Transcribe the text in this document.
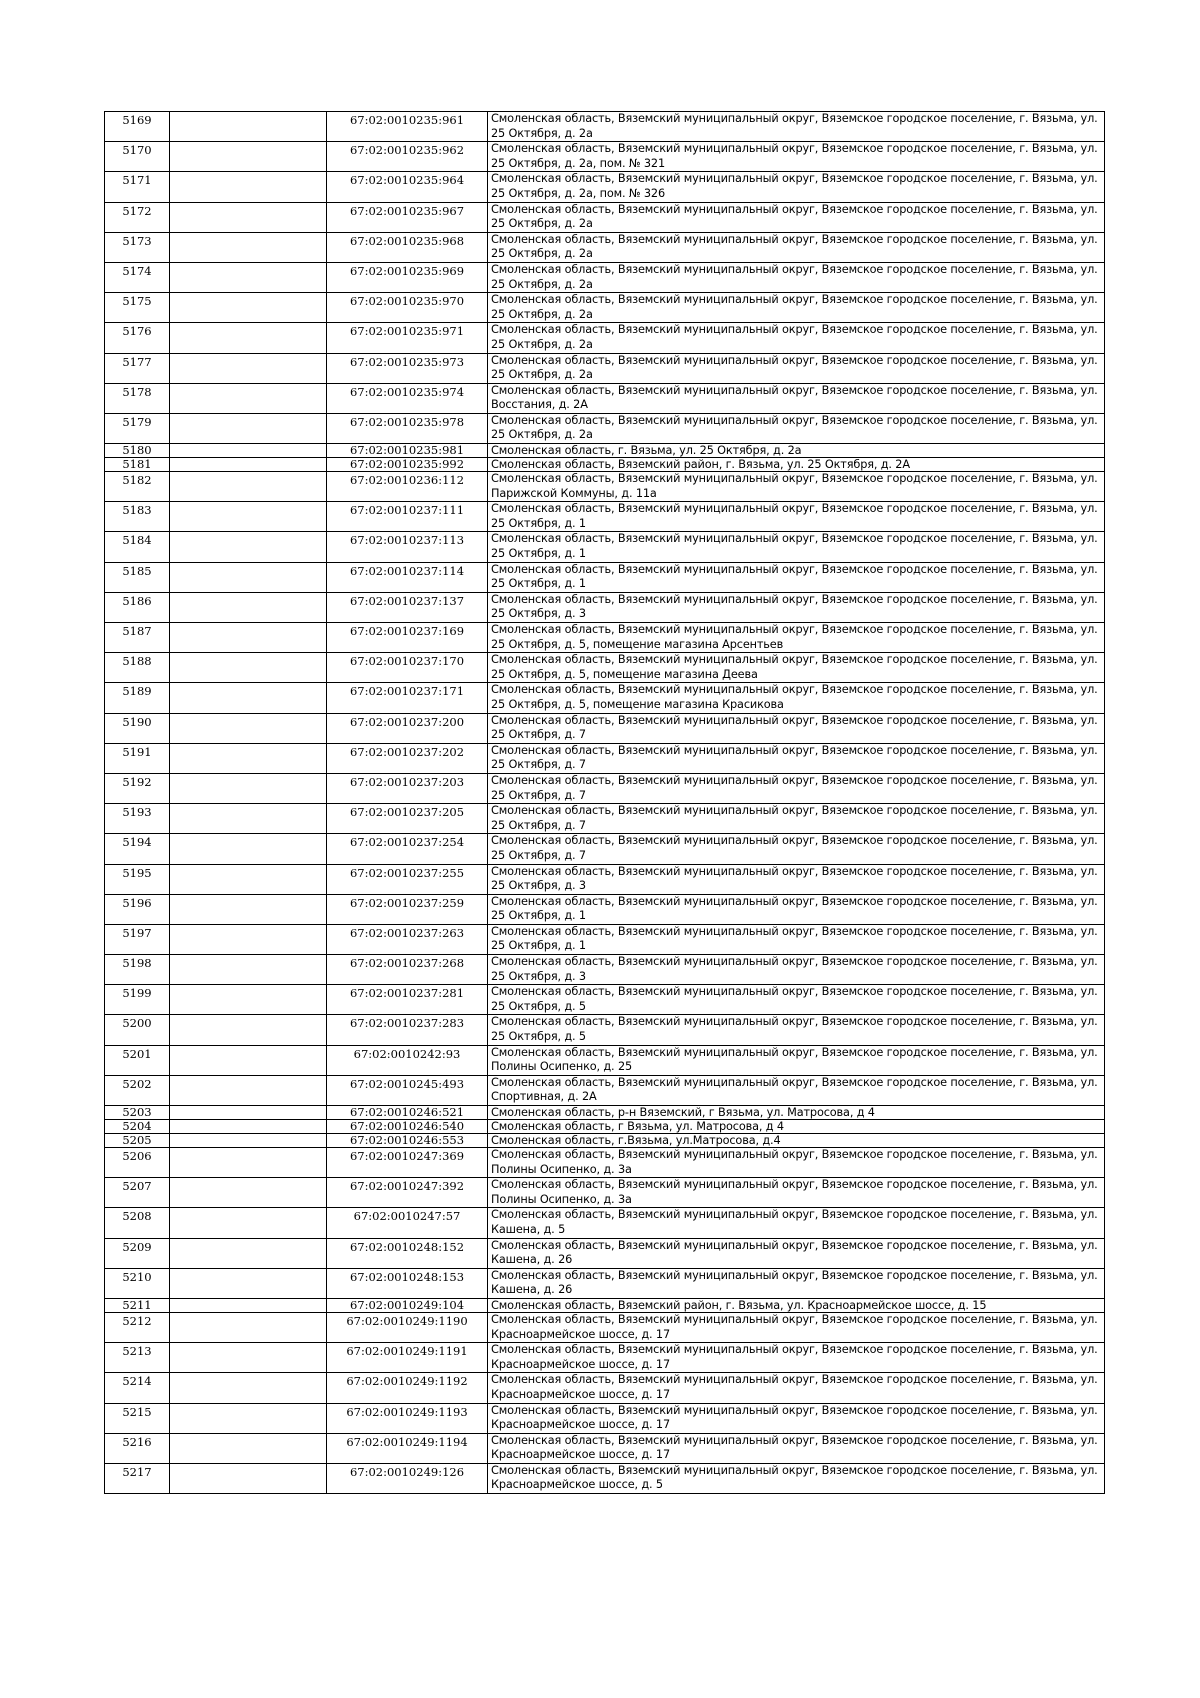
5169		67:02:0010235:961	Смоленская область, Вяземский муниципальный округ, Вяземское городское поселение, г. Вязьма, ул. 25 Октября, д. 2а
5170		67:02:0010235:962	Смоленская область, Вяземский муниципальный округ, Вяземское городское поселение, г. Вязьма, ул. 25 Октября, д. 2а, пом. № 321
5171		67:02:0010235:964	Смоленская область, Вяземский муниципальный округ, Вяземское городское поселение, г. Вязьма, ул. 25 Октября, д. 2а, пом. № 326
5172		67:02:0010235:967	Смоленская область, Вяземский муниципальный округ, Вяземское городское поселение, г. Вязьма, ул. 25 Октября, д. 2а
5173		67:02:0010235:968	Смоленская область, Вяземский муниципальный округ, Вяземское городское поселение, г. Вязьма, ул. 25 Октября, д. 2а
5174		67:02:0010235:969	Смоленская область, Вяземский муниципальный округ, Вяземское городское поселение, г. Вязьма, ул. 25 Октября, д. 2а
5175		67:02:0010235:970	Смоленская область, Вяземский муниципальный округ, Вяземское городское поселение, г. Вязьма, ул. 25 Октября, д. 2а
5176		67:02:0010235:971	Смоленская область, Вяземский муниципальный округ, Вяземское городское поселение, г. Вязьма, ул. 25 Октября, д. 2а
5177		67:02:0010235:973	Смоленская область, Вяземский муниципальный округ, Вяземское городское поселение, г. Вязьма, ул. 25 Октября, д. 2а
5178		67:02:0010235:974	Смоленская область, Вяземский муниципальный округ, Вяземское городское поселение, г. Вязьма, ул. Восстания, д. 2А
5179		67:02:0010235:978	Смоленская область, Вяземский муниципальный округ, Вяземское городское поселение, г. Вязьма, ул. 25 Октября, д. 2а
5180		67:02:0010235:981	Смоленская область, г. Вязьма, ул. 25 Октября, д. 2а
5181		67:02:0010235:992	Смоленская область, Вяземский район, г. Вязьма, ул. 25 Октября, д. 2А
5182		67:02:0010236:112	Смоленская область, Вяземский муниципальный округ, Вяземское городское поселение, г. Вязьма, ул. Парижской Коммуны, д. 11а
5183		67:02:0010237:111	Смоленская область, Вяземский муниципальный округ, Вяземское городское поселение, г. Вязьма, ул. 25 Октября, д. 1
5184		67:02:0010237:113	Смоленская область, Вяземский муниципальный округ, Вяземское городское поселение, г. Вязьма, ул. 25 Октября, д. 1
5185		67:02:0010237:114	Смоленская область, Вяземский муниципальный округ, Вяземское городское поселение, г. Вязьма, ул. 25 Октября, д. 1
5186		67:02:0010237:137	Смоленская область, Вяземский муниципальный округ, Вяземское городское поселение, г. Вязьма, ул. 25 Октября, д. 3
5187		67:02:0010237:169	Смоленская область, Вяземский муниципальный округ, Вяземское городское поселение, г. Вязьма, ул. 25 Октября, д. 5, помещение магазина Арсентьев
5188		67:02:0010237:170	Смоленская область, Вяземский муниципальный округ, Вяземское городское поселение, г. Вязьма, ул. 25 Октября, д. 5, помещение магазина Деева
5189		67:02:0010237:171	Смоленская область, Вяземский муниципальный округ, Вяземское городское поселение, г. Вязьма, ул. 25 Октября, д. 5, помещение магазина Красикова
5190		67:02:0010237:200	Смоленская область, Вяземский муниципальный округ, Вяземское городское поселение, г. Вязьма, ул. 25 Октября, д. 7
5191		67:02:0010237:202	Смоленская область, Вяземский муниципальный округ, Вяземское городское поселение, г. Вязьма, ул. 25 Октября, д. 7
5192		67:02:0010237:203	Смоленская область, Вяземский муниципальный округ, Вяземское городское поселение, г. Вязьма, ул. 25 Октября, д. 7
5193		67:02:0010237:205	Смоленская область, Вяземский муниципальный округ, Вяземское городское поселение, г. Вязьма, ул. 25 Октября, д. 7
5194		67:02:0010237:254	Смоленская область, Вяземский муниципальный округ, Вяземское городское поселение, г. Вязьма, ул. 25 Октября, д. 7
5195		67:02:0010237:255	Смоленская область, Вяземский муниципальный округ, Вяземское городское поселение, г. Вязьма, ул. 25 Октября, д. 3
5196		67:02:0010237:259	Смоленская область, Вяземский муниципальный округ, Вяземское городское поселение, г. Вязьма, ул. 25 Октября, д. 1
5197		67:02:0010237:263	Смоленская область, Вяземский муниципальный округ, Вяземское городское поселение, г. Вязьма, ул. 25 Октября, д. 1
5198		67:02:0010237:268	Смоленская область, Вяземский муниципальный округ, Вяземское городское поселение, г. Вязьма, ул. 25 Октября, д. 3
5199		67:02:0010237:281	Смоленская область, Вяземский муниципальный округ, Вяземское городское поселение, г. Вязьма, ул. 25 Октября, д. 5
5200		67:02:0010237:283	Смоленская область, Вяземский муниципальный округ, Вяземское городское поселение, г. Вязьма, ул. 25 Октября, д. 5
5201		67:02:0010242:93	Смоленская область, Вяземский муниципальный округ, Вяземское городское поселение, г. Вязьма, ул. Полины Осипенко, д. 25
5202		67:02:0010245:493	Смоленская область, Вяземский муниципальный округ, Вяземское городское поселение, г. Вязьма, ул. Спортивная, д. 2А
5203		67:02:0010246:521	Смоленская область, р-н Вяземский, г Вязьма, ул. Матросова, д 4
5204		67:02:0010246:540	Смоленская область, г Вязьма, ул. Матросова, д 4
5205		67:02:0010246:553	Смоленская область, г.Вязьма, ул.Матросова, д.4
5206		67:02:0010247:369	Смоленская область, Вяземский муниципальный округ, Вяземское городское поселение, г. Вязьма, ул. Полины Осипенко, д. 3а
5207		67:02:0010247:392	Смоленская область, Вяземский муниципальный округ, Вяземское городское поселение, г. Вязьма, ул. Полины Осипенко, д. 3а
5208		67:02:0010247:57	Смоленская область, Вяземский муниципальный округ, Вяземское городское поселение, г. Вязьма, ул. Кашена, д. 5
5209		67:02:0010248:152	Смоленская область, Вяземский муниципальный округ, Вяземское городское поселение, г. Вязьма, ул. Кашена, д. 26
5210		67:02:0010248:153	Смоленская область, Вяземский муниципальный округ, Вяземское городское поселение, г. Вязьма, ул. Кашена, д. 26
5211		67:02:0010249:104	Смоленская область, Вяземский район, г. Вязьма, ул. Красноармейское шоссе, д. 15
5212		67:02:0010249:1190	Смоленская область, Вяземский муниципальный округ, Вяземское городское поселение, г. Вязьма, ул. Красноармейское шоссе, д. 17
5213		67:02:0010249:1191	Смоленская область, Вяземский муниципальный округ, Вяземское городское поселение, г. Вязьма, ул. Красноармейское шоссе, д. 17
5214		67:02:0010249:1192	Смоленская область, Вяземский муниципальный округ, Вяземское городское поселение, г. Вязьма, ул. Красноармейское шоссе, д. 17
5215		67:02:0010249:1193	Смоленская область, Вяземский муниципальный округ, Вяземское городское поселение, г. Вязьма, ул. Красноармейское шоссе, д. 17
5216		67:02:0010249:1194	Смоленская область, Вяземский муниципальный округ, Вяземское городское поселение, г. Вязьма, ул. Красноармейское шоссе, д. 17
5217		67:02:0010249:126	Смоленская область, Вяземский муниципальный округ, Вяземское городское поселение, г. Вязьма, ул. Красноармейское шоссе, д. 5
